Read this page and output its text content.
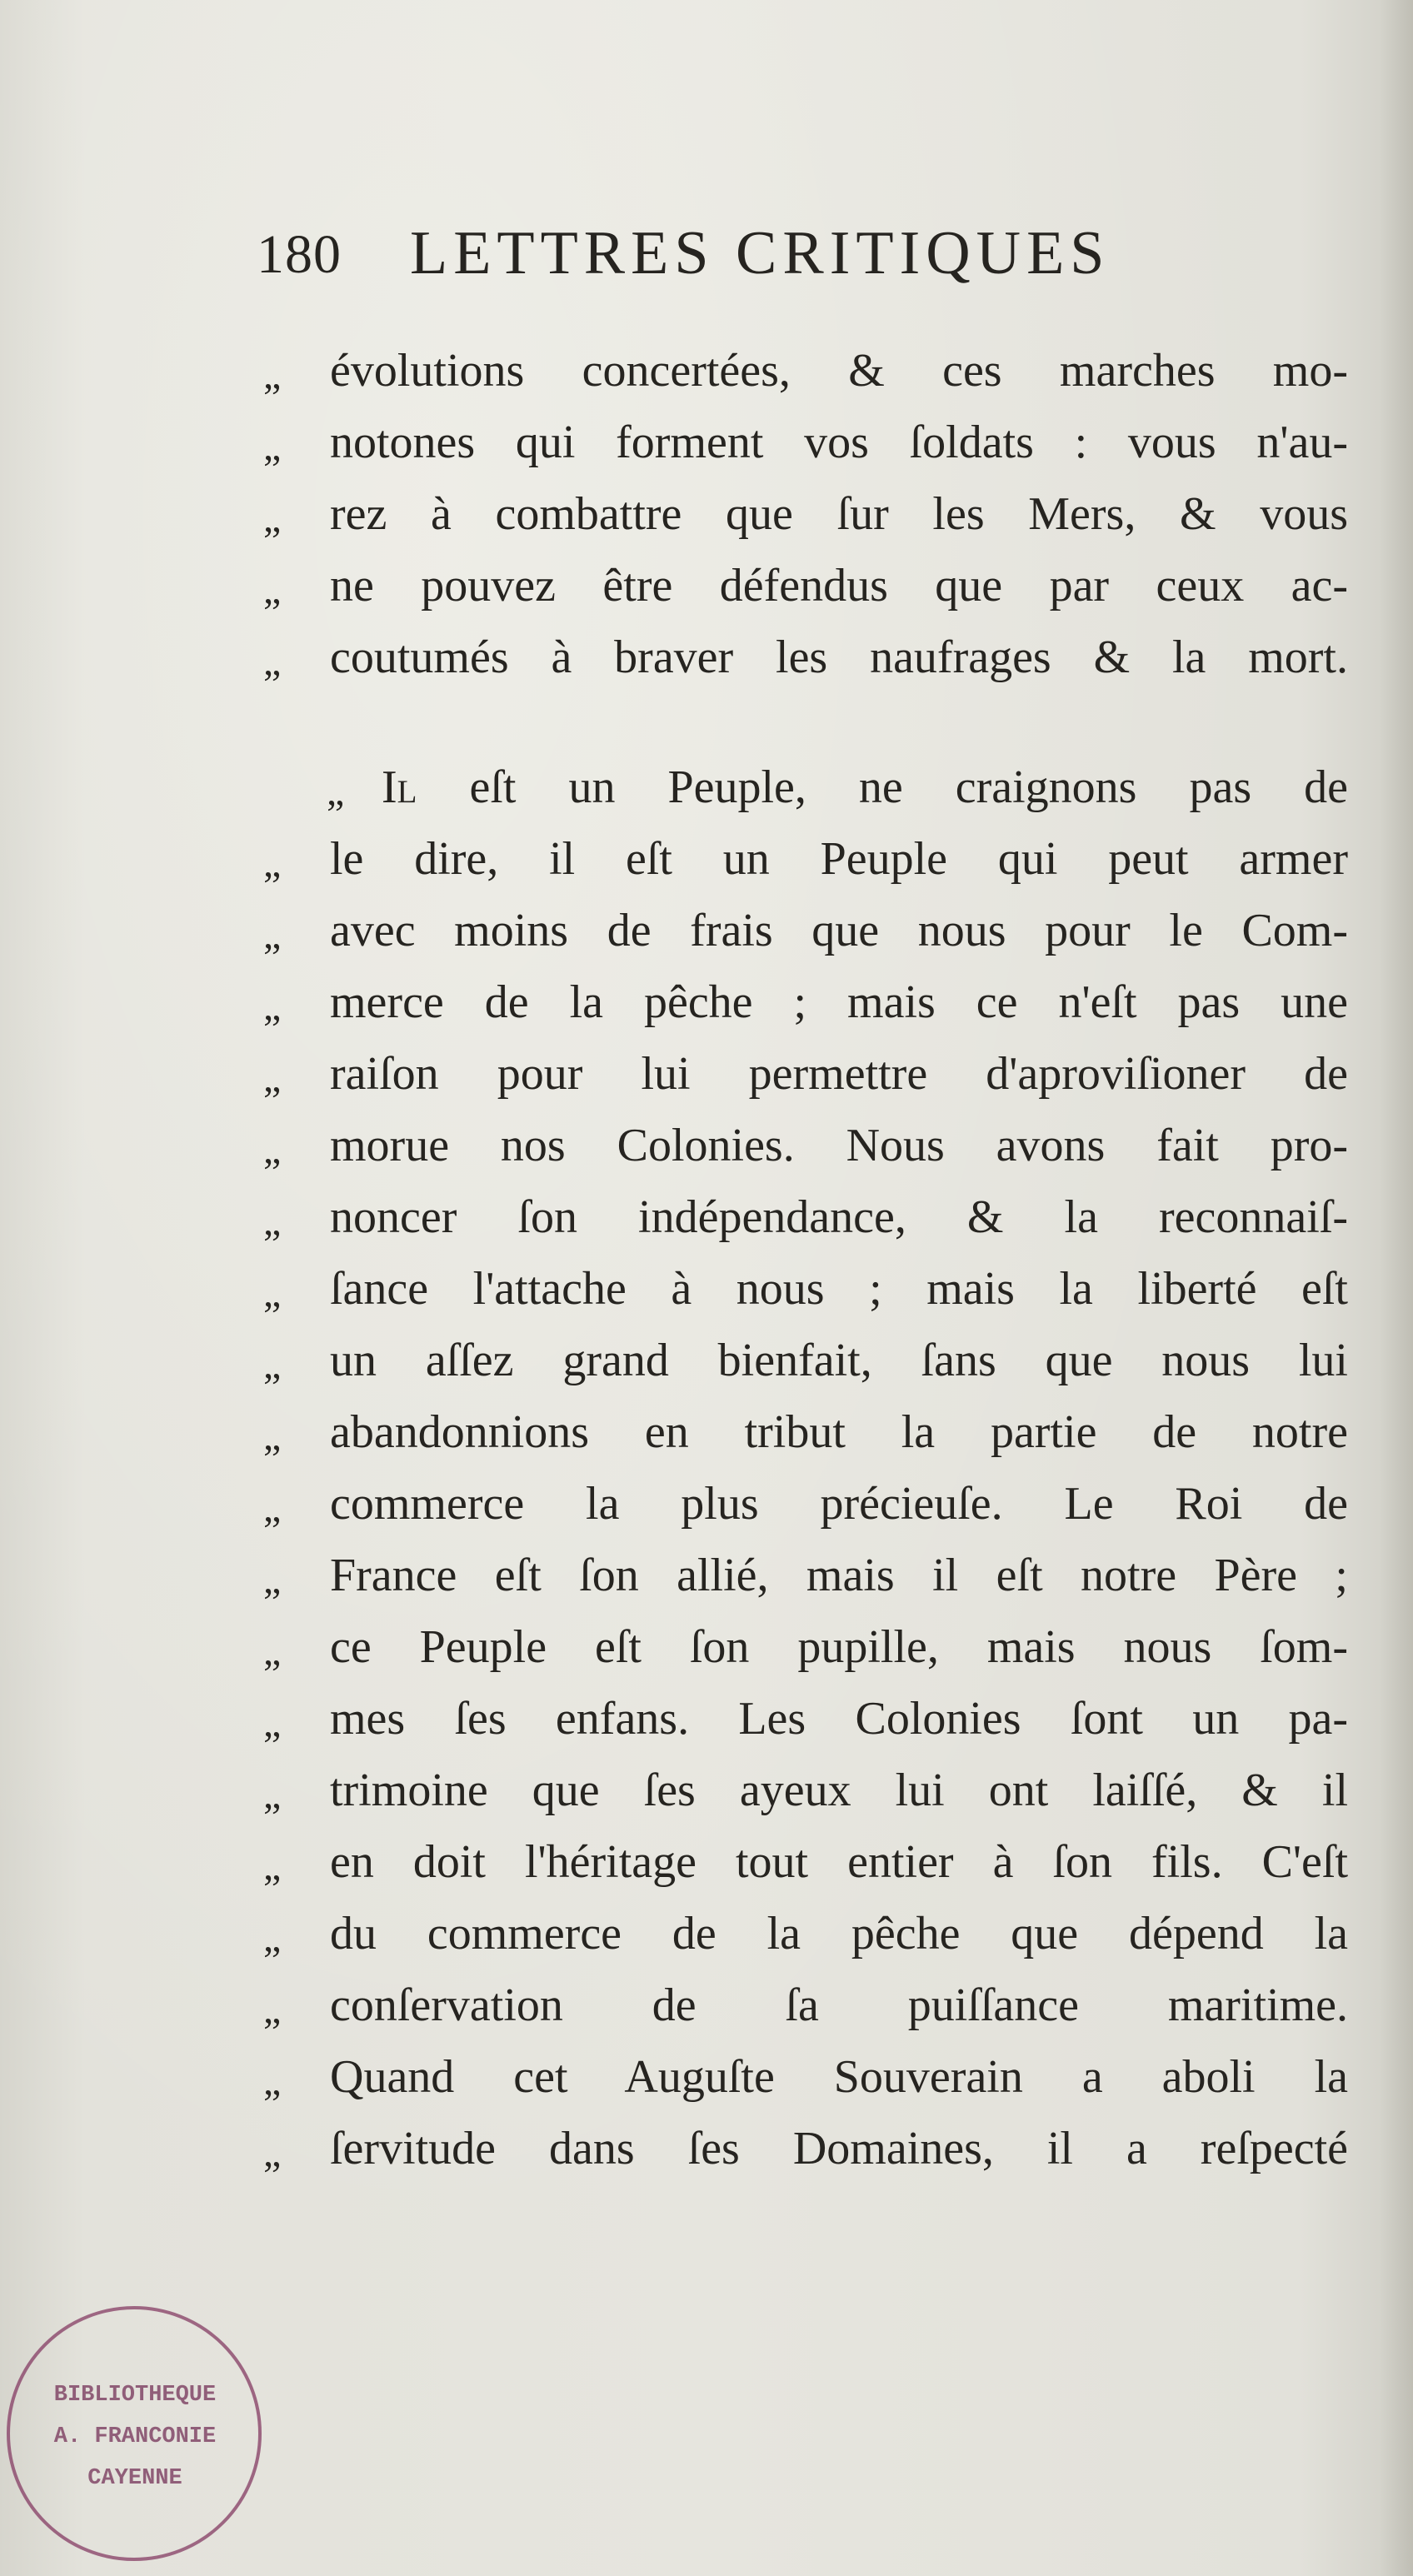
180 LETTRES CRITIQUES
„ évolutions concertées, & ces marches mo-
„ notones qui forment vos ſoldats : vous n'au-
„ rez à combattre que ſur les Mers, & vous
„ ne pouvez être défendus que par ceux ac-
„ coutumés à braver les naufrages & la mort.
„ Il eſt un Peuple, ne craignons pas de
„ le dire, il eſt un Peuple qui peut armer
„ avec moins de frais que nous pour le Com-
„ merce de la pêche ; mais ce n'eſt pas une
„ raiſon pour lui permettre d'aproviſioner de
„ morue nos Colonies. Nous avons fait pro-
„ noncer ſon indépendance, & la reconnaiſ-
„ ſance l'attache à nous ; mais la liberté eſt
„ un aſſez grand bienfait, ſans que nous lui
„ abandonnions en tribut la partie de notre
„ commerce la plus précieuſe. Le Roi de
„ France eſt ſon allié, mais il eſt notre Père ;
„ ce Peuple eſt ſon pupille, mais nous ſom-
„ mes ſes enfans. Les Colonies ſont un pa-
„ trimoine que ſes ayeux lui ont laiſſé, & il
„ en doit l'héritage tout entier à ſon fils. C'eſt
„ du commerce de la pêche que dépend la
„ conſervation de ſa puiſſance maritime.
„ Quand cet Auguſte Souverain a aboli la
„ ſervitude dans ſes Domaines, il a reſpecté
BIBLIOTHEQUE
A. FRANCONIE
CAYENNE
